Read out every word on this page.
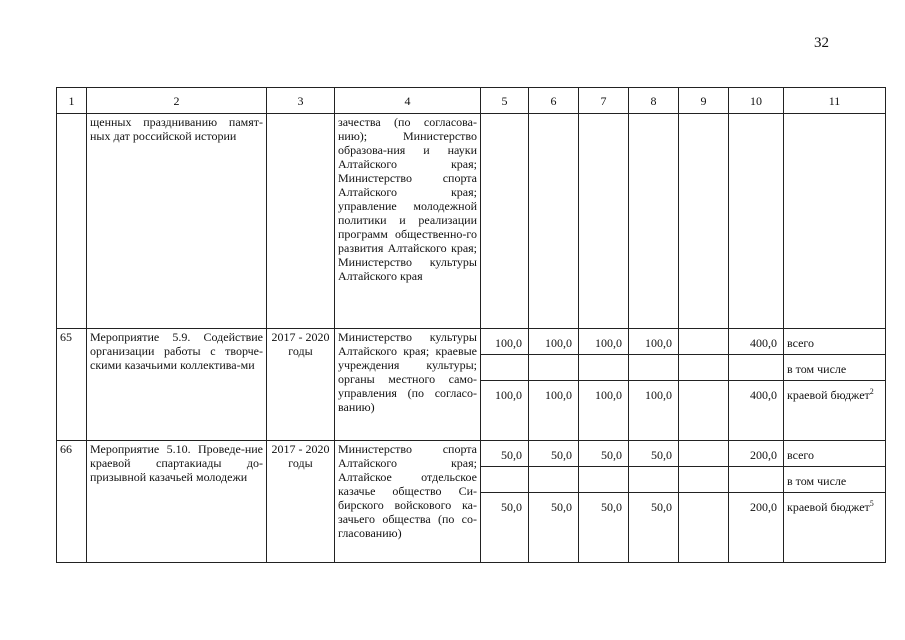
32
1	2	3	4	5	6	7	8	9	10	11
	щенных праздниванию памят-ных дат российской истории		зачества (по согласова-нию); Министерство образова-ния и науки Алтайского края; Министерство спорта Алтайского края; управление молодежной политики и реализации программ общественно-го развития Алтайского края; Министерство культуры Алтайского края							
65	Мероприятие 5.9. Содействие организации работы с творче-скими казачьими коллектива-ми	2017 - 2020 годы	Министерство культуры Алтайского края; краевые учреждения культуры; органы местного само-управления (по согласо-ванию)	100,0	100,0	100,0	100,0		400,0	всего
										в том числе
				100,0	100,0	100,0	100,0		400,0	краевой бюджет$^2$
66	Мероприятие 5.10. Проведе-ние краевой спартакиады до-призывной казачьей молодежи	2017 - 2020 годы	Министерство спорта Алтайского края; Алтайское отдельское казачье общество Си-бирского войскового ка-зачьего общества (по со-гласованию)	50,0	50,0	50,0	50,0		200,0	всего
										в том числе
				50,0	50,0	50,0	50,0		200,0	краевой бюджет$^5$
